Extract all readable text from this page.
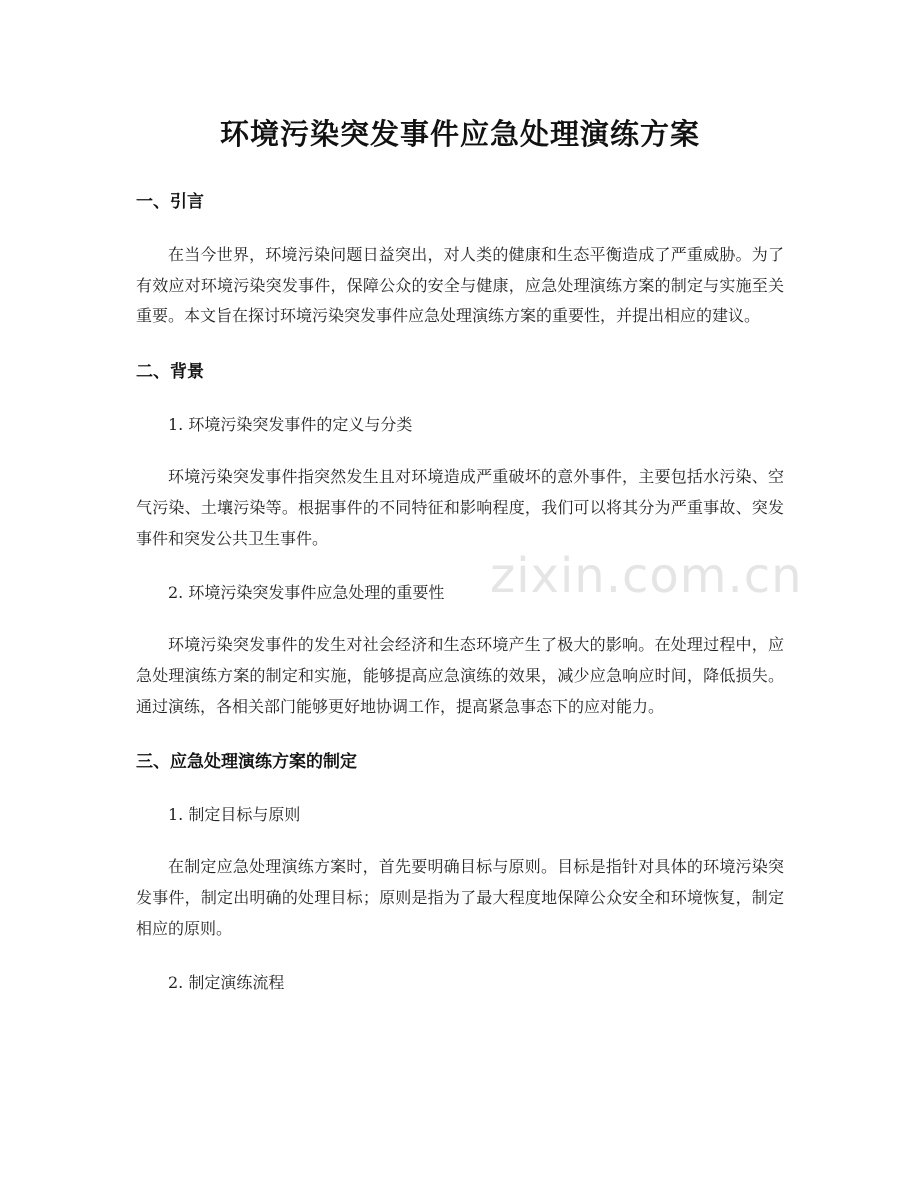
环境污染突发事件应急处理演练方案
一、引言

在当今世界，环境污染问题日益突出，对人类的健康和生态平衡造成了严重威胁。为了有效应对环境污染突发事件，保障公众的安全与健康，应急处理演练方案的制定与实施至关重要。本文旨在探讨环境污染突发事件应急处理演练方案的重要性，并提出相应的建议。

二、背景

1. 环境污染突发事件的定义与分类

环境污染突发事件指突然发生且对环境造成严重破坏的意外事件，主要包括水污染、空气污染、土壤污染等。根据事件的不同特征和影响程度，我们可以将其分为严重事故、突发事件和突发公共卫生事件。

2. 环境污染突发事件应急处理的重要性

环境污染突发事件的发生对社会经济和生态环境产生了极大的影响。在处理过程中，应急处理演练方案的制定和实施，能够提高应急演练的效果，减少应急响应时间，降低损失。通过演练，各相关部门能够更好地协调工作，提高紧急事态下的应对能力。

三、应急处理演练方案的制定

1. 制定目标与原则

在制定应急处理演练方案时，首先要明确目标与原则。目标是指针对具体的环境污染突发事件，制定出明确的处理目标；原则是指为了最大程度地保障公众安全和环境恢复，制定相应的原则。

2. 制定演练流程

zixin.com.cn
